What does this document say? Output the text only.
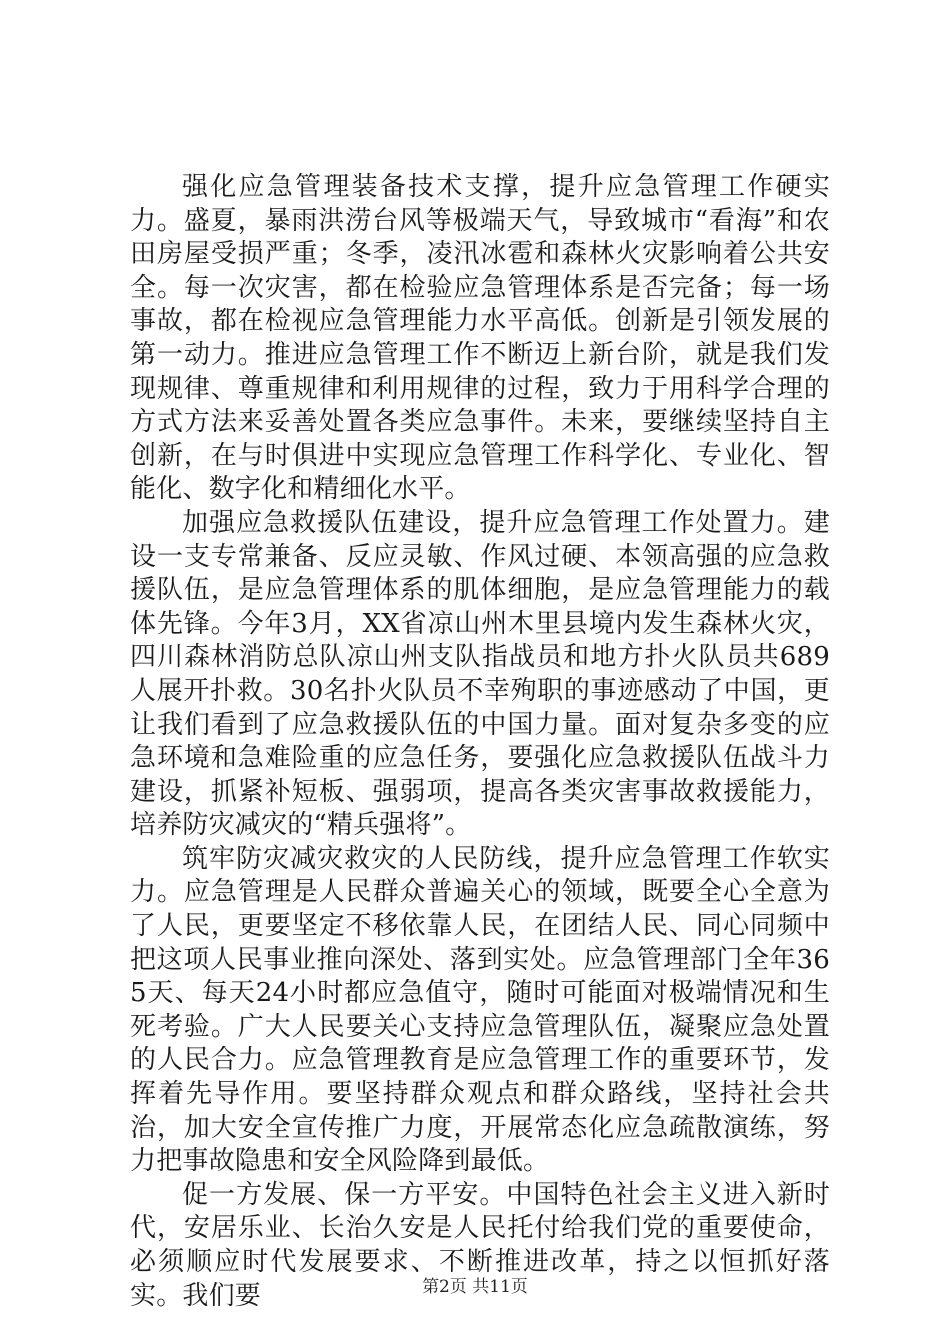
强化应急管理装备技术支撑，提升应急管理工作硬实力。盛夏，暴雨洪涝台风等极端天气，导致城市“看海”和农田房屋受损严重；冬季，凌汛冰雹和森林火灾影响着公共安全。每一次灾害，都在检验应急管理体系是否完备；每一场事故，都在检视应急管理能力水平高低。创新是引领发展的第一动力。推进应急管理工作不断迈上新台阶，就是我们发现规律、尊重规律和利用规律的过程，致力于用科学合理的方式方法来妥善处置各类应急事件。未来，要继续坚持自主创新，在与时俱进中实现应急管理工作科学化、专业化、智能化、数字化和精细化水平。

加强应急救援队伍建设，提升应急管理工作处置力。建设一支专常兼备、反应灵敏、作风过硬、本领高强的应急救援队伍，是应急管理体系的肌体细胞，是应急管理能力的载体先锋。今年3月，XX省凉山州木里县境内发生森林火灾，四川森林消防总队凉山州支队指战员和地方扑火队员共689人展开扑救。30名扑火队员不幸殉职的事迹感动了中国，更让我们看到了应急救援队伍的中国力量。面对复杂多变的应急环境和急难险重的应急任务，要强化应急救援队伍战斗力建设，抓紧补短板、强弱项，提高各类灾害事故救援能力，培养防灾减灾的“精兵强将”。

筑牢防灾减灾救灾的人民防线，提升应急管理工作软实力。应急管理是人民群众普遍关心的领域，既要全心全意为了人民，更要坚定不移依靠人民，在团结人民、同心同频中把这项人民事业推向深处、落到实处。应急管理部门全年365天、每天24小时都应急值守，随时可能面对极端情况和生死考验。广大人民要关心支持应急管理队伍，凝聚应急处置的人民合力。应急管理教育是应急管理工作的重要环节，发挥着先导作用。要坚持群众观点和群众路线，坚持社会共治，加大安全宣传推广力度，开展常态化应急疏散演练，努力把事故隐患和安全风险降到最低。

促一方发展、保一方平安。中国特色社会主义进入新时代，安居乐业、长治久安是人民托付给我们党的重要使命，必须顺应时代发展要求、不断推进改革，持之以恒抓好落实。我们要	第2页 共11页
